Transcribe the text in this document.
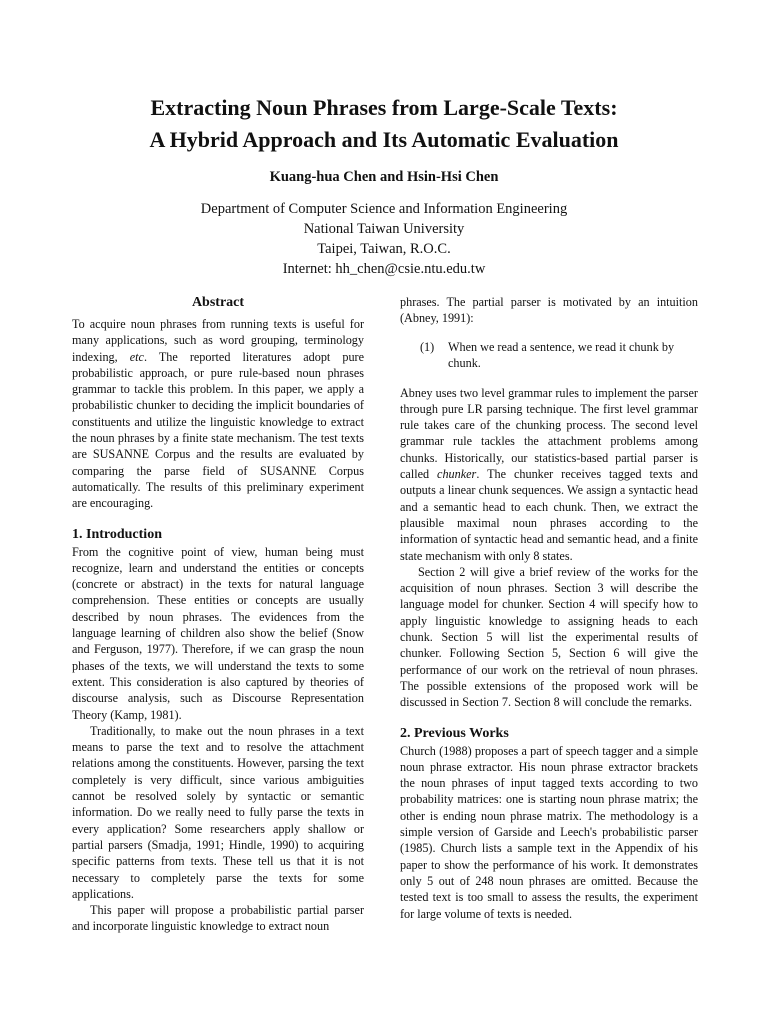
Extracting Noun Phrases from Large-Scale Texts:
A Hybrid Approach and Its Automatic Evaluation
Kuang-hua Chen and Hsin-Hsi Chen
Department of Computer Science and Information Engineering
National Taiwan University
Taipei, Taiwan, R.O.C.
Internet: hh_chen@csie.ntu.edu.tw
Abstract

To acquire noun phrases from running texts is useful for many applications, such as word grouping, terminology indexing, etc. The reported literatures adopt pure probabilistic approach, or pure rule-based noun phrases grammar to tackle this problem. In this paper, we apply a probabilistic chunker to deciding the implicit boundaries of constituents and utilize the linguistic knowledge to extract the noun phrases by a finite state mechanism. The test texts are SUSANNE Corpus and the results are evaluated by comparing the parse field of SUSANNE Corpus automatically. The results of this preliminary experiment are encouraging.

1. Introduction

From the cognitive point of view, human being must recognize, learn and understand the entities or concepts (concrete or abstract) in the texts for natural language comprehension. These entities or concepts are usually described by noun phrases. The evidences from the language learning of children also show the belief (Snow and Ferguson, 1977). Therefore, if we can grasp the noun phases of the texts, we will understand the texts to some extent. This consideration is also captured by theories of discourse analysis, such as Discourse Representation Theory (Kamp, 1981).

Traditionally, to make out the noun phrases in a text means to parse the text and to resolve the attachment relations among the constituents. However, parsing the text completely is very difficult, since various ambiguities cannot be resolved solely by syntactic or semantic information. Do we really need to fully parse the texts in every application? Some researchers apply shallow or partial parsers (Smadja, 1991; Hindle, 1990) to acquiring specific patterns from texts. These tell us that it is not necessary to completely parse the texts for some applications.

This paper will propose a probabilistic partial parser and incorporate linguistic knowledge to extract noun

phrases. The partial parser is motivated by an intuition (Abney, 1991):

(1)	When we read a sentence, we read it chunk by chunk.

Abney uses two level grammar rules to implement the parser through pure LR parsing technique. The first level grammar rule takes care of the chunking process. The second level grammar rule tackles the attachment problems among chunks. Historically, our statistics-based partial parser is called chunker. The chunker receives tagged texts and outputs a linear chunk sequences. We assign a syntactic head and a semantic head to each chunk. Then, we extract the plausible maximal noun phrases according to the information of syntactic head and semantic head, and a finite state mechanism with only 8 states.

Section 2 will give a brief review of the works for the acquisition of noun phrases. Section 3 will describe the language model for chunker. Section 4 will specify how to apply linguistic knowledge to assigning heads to each chunk. Section 5 will list the experimental results of chunker. Following Section 5, Section 6 will give the performance of our work on the retrieval of noun phrases. The possible extensions of the proposed work will be discussed in Section 7. Section 8 will conclude the remarks.

2. Previous Works

Church (1988) proposes a part of speech tagger and a simple noun phrase extractor. His noun phrase extractor brackets the noun phrases of input tagged texts according to two probability matrices: one is starting noun phrase matrix; the other is ending noun phrase matrix. The methodology is a simple version of Garside and Leech's probabilistic parser (1985). Church lists a sample text in the Appendix of his paper to show the performance of his work. It demonstrates only 5 out of 248 noun phrases are omitted. Because the tested text is too small to assess the results, the experiment for large volume of texts is needed.
